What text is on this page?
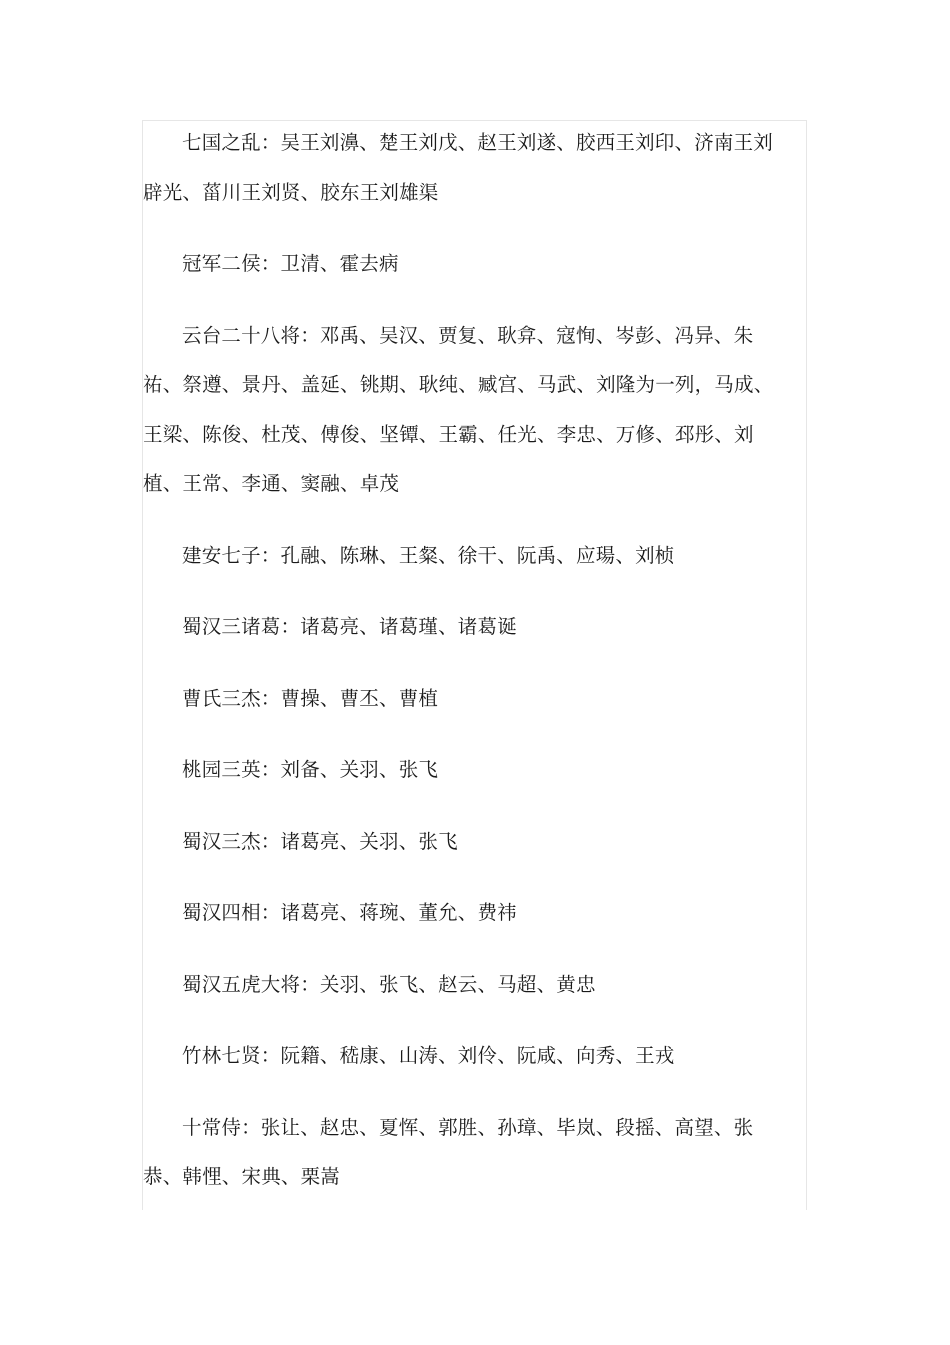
七国之乱：吴王刘濞、楚王刘戊、赵王刘遂、胶西王刘印、济南王刘辟光、菑川王刘贤、胶东王刘雄渠

冠军二侯：卫清、霍去病

云台二十八将：邓禹、吴汉、贾复、耿弇、寇恂、岑彭、冯异、朱祐、祭遵、景丹、盖延、铫期、耿纯、臧宫、马武、刘隆为一列，马成、王梁、陈俊、杜茂、傅俊、坚镡、王霸、任光、李忠、万修、邳彤、刘植、王常、李通、窦融、卓茂

建安七子：孔融、陈琳、王粲、徐干、阮禹、应瑒、刘桢

蜀汉三诸葛：诸葛亮、诸葛瑾、诸葛诞

曹氏三杰：曹操、曹丕、曹植

桃园三英：刘备、关羽、张飞

蜀汉三杰：诸葛亮、关羽、张飞

蜀汉四相：诸葛亮、蒋琬、董允、费祎

蜀汉五虎大将：关羽、张飞、赵云、马超、黄忠

竹林七贤：阮籍、嵇康、山涛、刘伶、阮咸、向秀、王戎

十常侍：张让、赵忠、夏恽、郭胜、孙璋、毕岚、段摇、高望、张恭、韩悝、宋典、栗嵩
